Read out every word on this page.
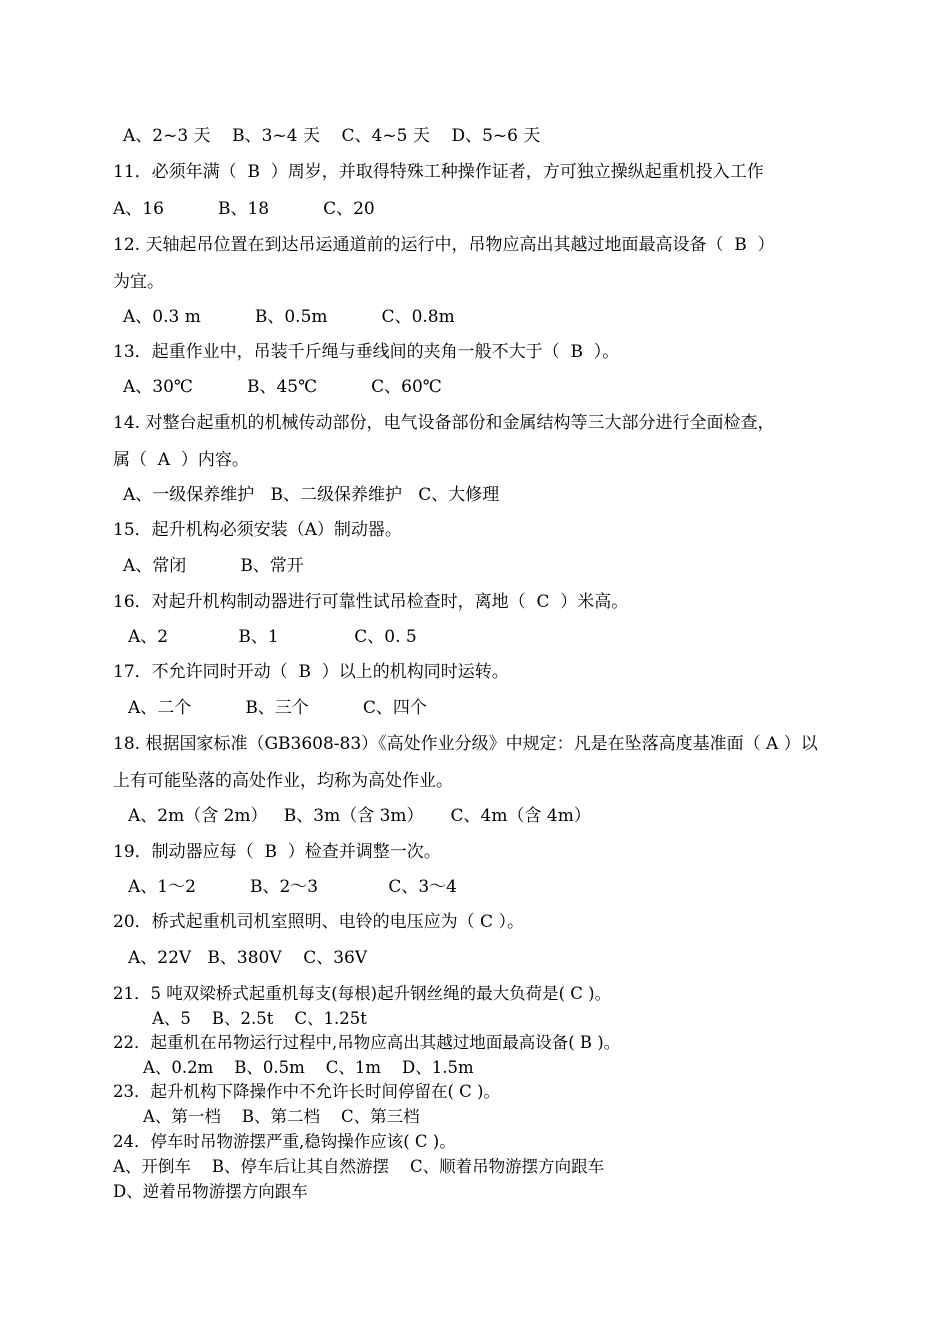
A、2~3 天    B、3~4 天    C、4~5 天    D、5~6 天
11．必须年满（  B  ）周岁，并取得特殊工种操作证者，方可独立操纵起重机投入工作
A、16          B、18          C、20
12. 天轴起吊位置在到达吊运通道前的运行中，吊物应高出其越过地面最高设备（  B  ）
为宜。
A、0.3 m          B、0.5m          C、0.8m
13．起重作业中，吊装千斤绳与垂线间的夹角一般不大于（  B  ）。
A、30℃          B、45℃          C、60℃
14. 对整台起重机的机械传动部份，电气设备部份和金属结构等三大部分进行全面检查，
属（  A  ）内容。
A、一级保养维护   B、二级保养维护   C、大修理
15．起升机构必须安装（A）制动器。
A、常闭          B、常开
16．对起升机构制动器进行可靠性试吊检查时，离地（  C  ）米高。
A、2             B、1              C、0. 5
17．不允许同时开动（  B  ）以上的机构同时运转。
A、二个          B、三个          C、四个
18. 根据国家标准（GB3608-83）《高处作业分级》中规定：凡是在坠落高度基准面（ A ）以
上有可能坠落的高处作业，均称为高处作业。
A、2m（含 2m）   B、3m（含 3m）     C、4m（含 4m）
19．制动器应每（  B  ）检查并调整一次。
A、1～2          B、2～3             C、3～4
20．桥式起重机司机室照明、电铃的电压应为（ C ）。
A、22V   B、380V    C、36V
21．5 吨双梁桥式起重机每支(每根)起升钢丝绳的最大负荷是( C )。
A、5    B、2.5t    C、1.25t
22．起重机在吊物运行过程中,吊物应高出其越过地面最高设备( B )。
A、0.2m    B、0.5m    C、1m    D、1.5m
23．起升机构下降操作中不允许长时间停留在( C )。
A、第一档    B、第二档    C、第三档
24．停车时吊物游摆严重,稳钩操作应该( C )。
A、开倒车    B、停车后让其自然游摆    C、顺着吊物游摆方向跟车
D、逆着吊物游摆方向跟车
